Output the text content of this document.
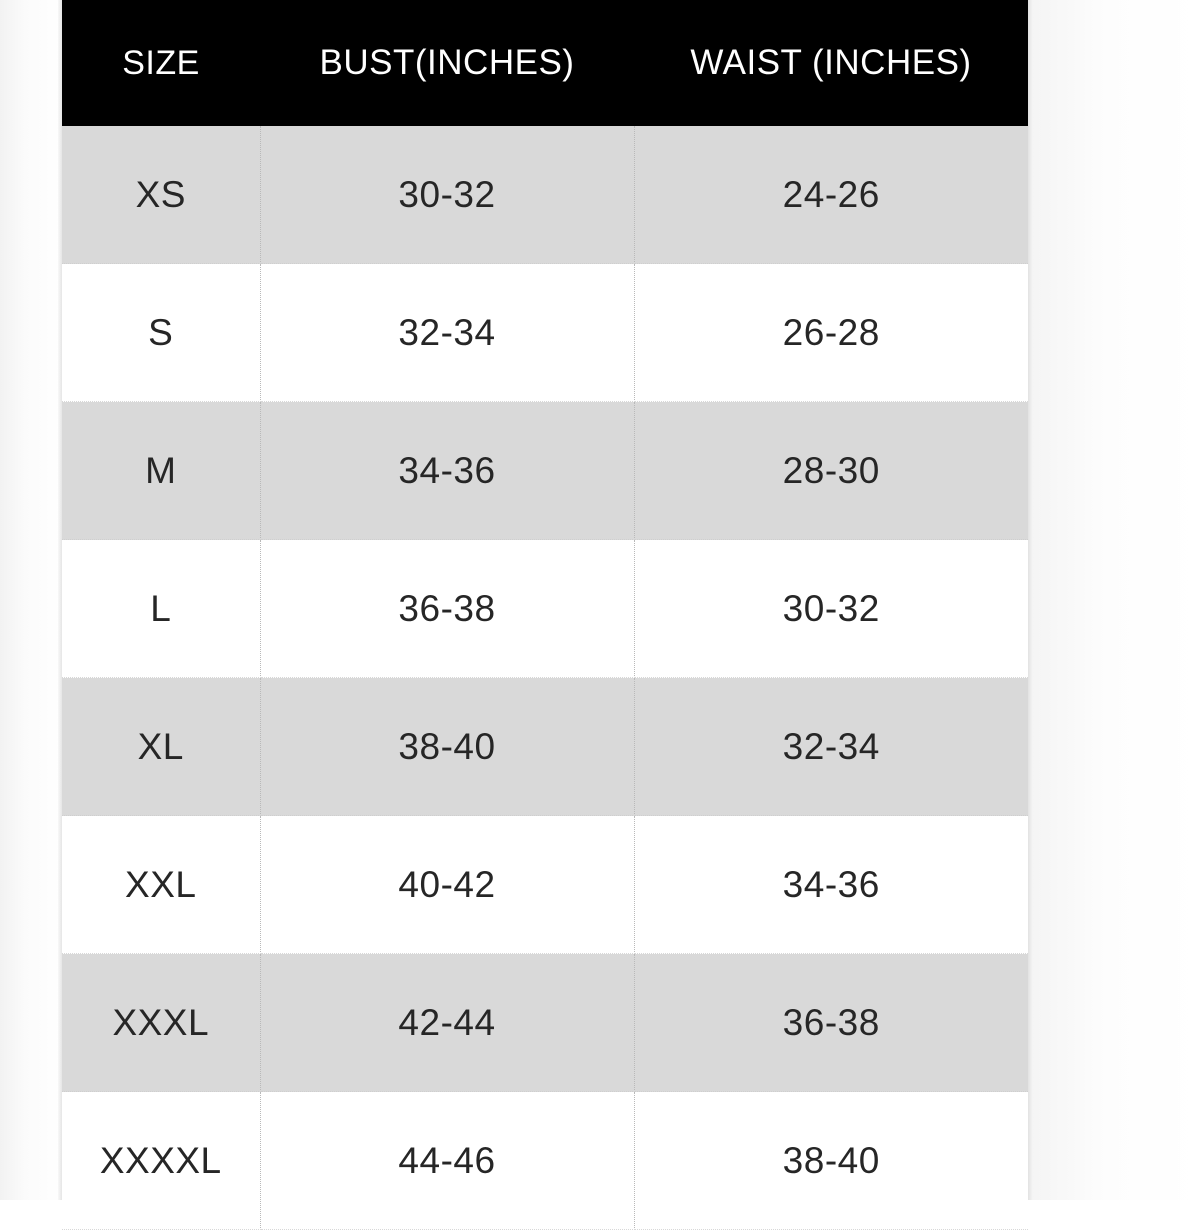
SIZE	BUST(INCHES)	WAIST (INCHES)
XS	30-32	24-26
S	32-34	26-28
M	34-36	28-30
L	36-38	30-32
XL	38-40	32-34
XXL	40-42	34-36
XXXL	42-44	36-38
XXXXL	44-46	38-40
